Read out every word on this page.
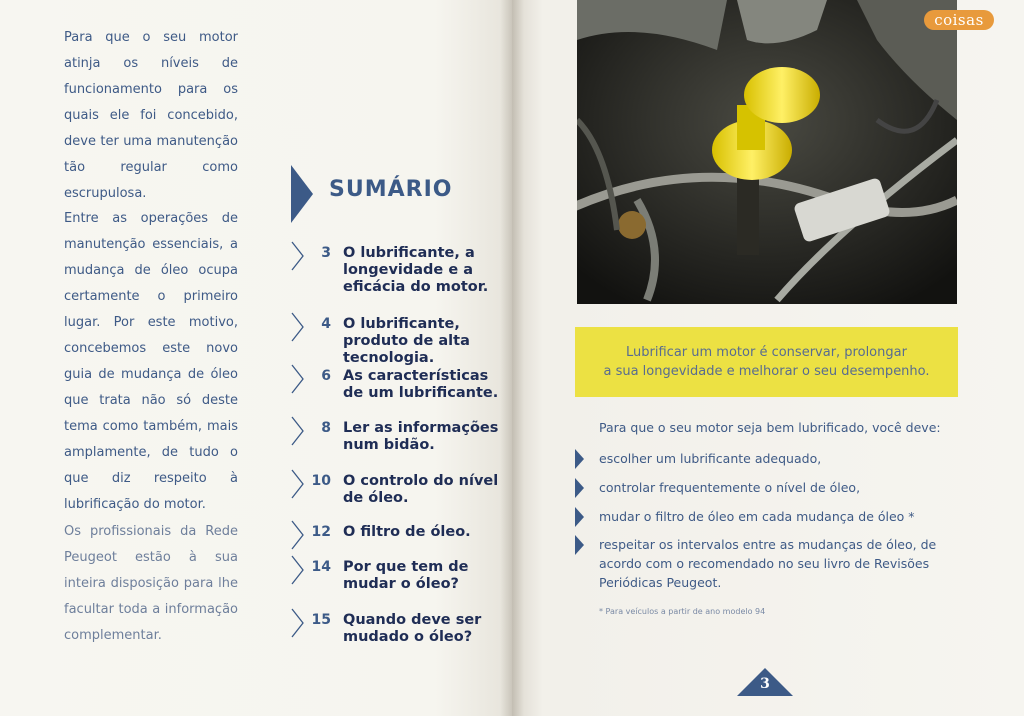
Para que o seu motor atinja os níveis de funcionamento para os quais ele foi concebido, deve ter uma manutenção tão regular como escrupulosa.

Entre as operações de manutenção essenciais, a mudança de óleo ocupa certamente o primeiro lugar. Por este motivo, concebemos este novo guia de mudança de óleo que trata não só deste tema como também, mais amplamente, de tudo o que diz respeito à lubrificação do motor.

Os profissionais da Rede Peugeot estão à sua inteira disposição para lhe facultar toda a informação complementar.

SUMÁRIO
3 O lubrificante, a longevidade e a eficácia do motor.
4 O lubrificante, produto de alta tecnologia.
6 As características de um lubrificante.
8 Ler as informações num bidão.
10 O controlo do nível de óleo.
12 O filtro de óleo.
14 Por que tem de mudar o óleo?
15 Quando deve ser mudado o óleo?
coisas
Lubrificar um motor é conservar, prolongar
a sua longevidade e melhorar o seu desempenho.
Para que o seu motor seja bem lubrificado, você deve:
escolher um lubrificante adequado,
controlar frequentemente o nível de óleo,
mudar o filtro de óleo em cada mudança de óleo *
respeitar os intervalos entre as mudanças de óleo, de acordo com o recomendado no seu livro de Revisões Periódicas Peugeot.
* Para veículos a partir de ano modelo 94
3
